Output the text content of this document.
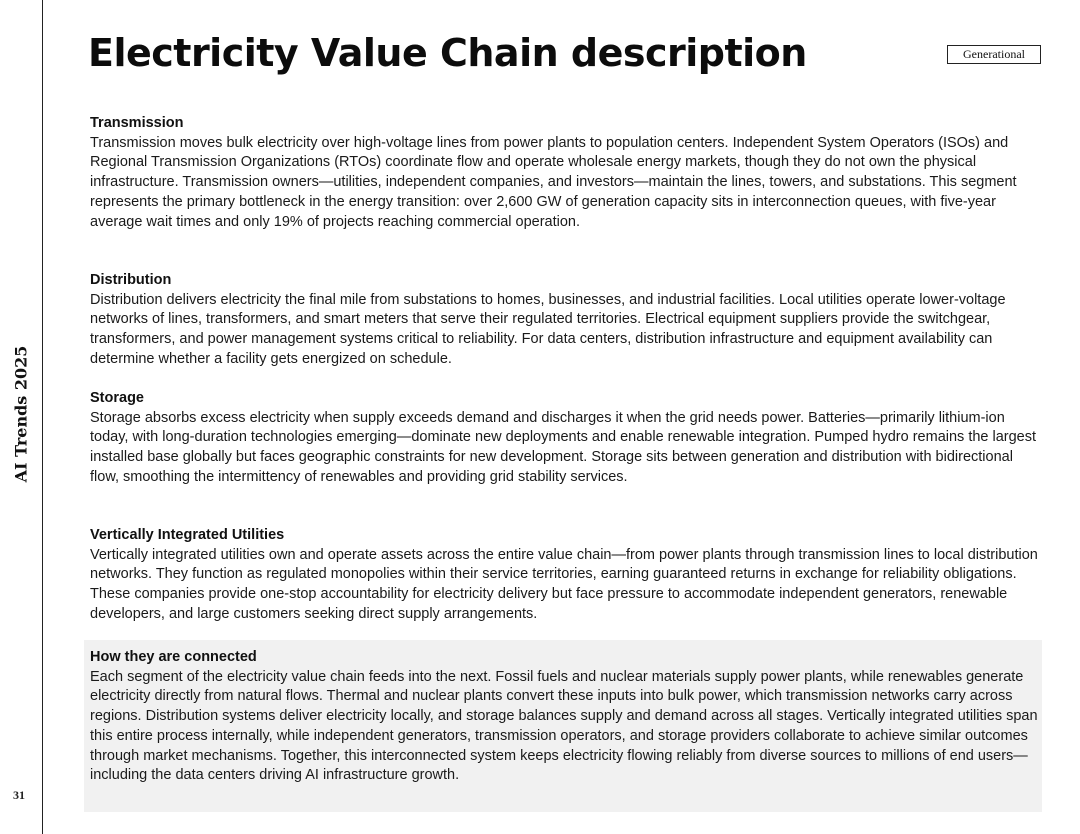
AI Trends 2025
31
Electricity Value Chain description	Generational
Transmission

Transmission moves bulk electricity over high-voltage lines from power plants to population centers. Independent System Operators (ISOs) and Regional Transmission Organizations (RTOs) coordinate flow and operate wholesale energy markets, though they do not own the physical infrastructure. Transmission owners—utilities, independent companies, and investors—maintain the lines, towers, and substations. This segment represents the primary bottleneck in the energy transition: over 2,600 GW of generation capacity sits in interconnection queues, with five-year average wait times and only 19% of projects reaching commercial operation.

Distribution

Distribution delivers electricity the final mile from substations to homes, businesses, and industrial facilities. Local utilities operate lower-voltage networks of lines, transformers, and smart meters that serve their regulated territories. Electrical equipment suppliers provide the switchgear, transformers, and power management systems critical to reliability. For data centers, distribution infrastructure and equipment availability can determine whether a facility gets energized on schedule.

Storage

Storage absorbs excess electricity when supply exceeds demand and discharges it when the grid needs power. Batteries—primarily lithium-ion today, with long-duration technologies emerging—dominate new deployments and enable renewable integration. Pumped hydro remains the largest installed base globally but faces geographic constraints for new development. Storage sits between generation and distribution with bidirectional flow, smoothing the intermittency of renewables and providing grid stability services.

Vertically Integrated Utilities

Vertically integrated utilities own and operate assets across the entire value chain—from power plants through transmission lines to local distribution networks. They function as regulated monopolies within their service territories, earning guaranteed returns in exchange for reliability obligations. These companies provide one-stop accountability for electricity delivery but face pressure to accommodate independent generators, renewable developers, and large customers seeking direct supply arrangements.

How they are connected

Each segment of the electricity value chain feeds into the next. Fossil fuels and nuclear materials supply power plants, while renewables generate electricity directly from natural flows. Thermal and nuclear plants convert these inputs into bulk power, which transmission networks carry across regions. Distribution systems deliver electricity locally, and storage balances supply and demand across all stages. Vertically integrated utilities span this entire process internally, while independent generators, transmission operators, and storage providers collaborate to achieve similar outcomes through market mechanisms. Together, this interconnected system keeps electricity flowing reliably from diverse sources to millions of end users—including the data centers driving AI infrastructure growth.
